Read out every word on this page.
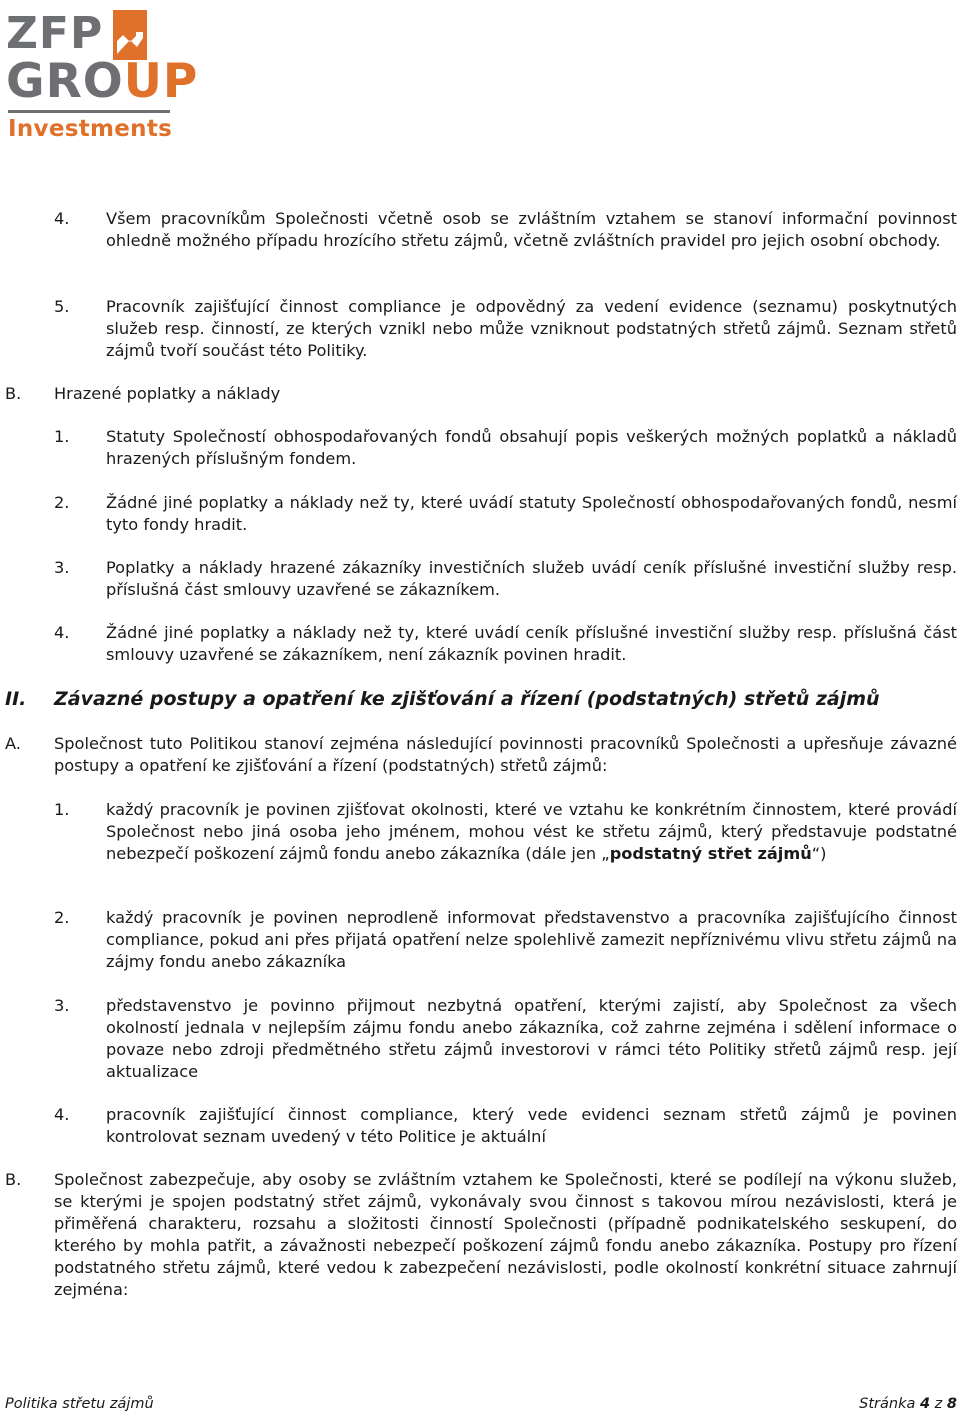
ZFP
GROUP
Investments
4. Všem pracovníkům Společnosti včetně osob se zvláštním vztahem se stanoví informační povinnost ohledně možného případu hrozícího střetu zájmů, včetně zvláštních pravidel pro jejich osobní obchody.
5. Pracovník zajišťující činnost compliance je odpovědný za vedení evidence (seznamu) poskytnutých služeb resp. činností, ze kterých vznikl nebo může vzniknout podstatných střetů zájmů. Seznam střetů zájmů tvoří součást této Politiky.
B. Hrazené poplatky a náklady
1. Statuty Společností obhospodařovaných fondů obsahují popis veškerých možných poplatků a nákladů hrazených příslušným fondem.
2. Žádné jiné poplatky a náklady než ty, které uvádí statuty Společností obhospodařovaných fondů, nesmí tyto fondy hradit.
3. Poplatky a náklady hrazené zákazníky investičních služeb uvádí ceník příslušné investiční služby resp. příslušná část smlouvy uzavřené se zákazníkem.
4. Žádné jiné poplatky a náklady než ty, které uvádí ceník příslušné investiční služby resp. příslušná část smlouvy uzavřené se zákazníkem, není zákazník povinen hradit.
II. Závazné postupy a opatření ke zjišťování a řízení (podstatných) střetů zájmů
A. Společnost tuto Politikou stanoví zejména následující povinnosti pracovníků Společnosti a upřesňuje závazné postupy a opatření ke zjišťování a řízení (podstatných) střetů zájmů:
1. každý pracovník je povinen zjišťovat okolnosti, které ve vztahu ke konkrétním činnostem, které provádí Společnost nebo jiná osoba jeho jménem, mohou vést ke střetu zájmů, který představuje podstatné nebezpečí poškození zájmů fondu anebo zákazníka (dále jen „podstatný střet zájmů“)
2. každý pracovník je povinen neprodleně informovat představenstvo a pracovníka zajišťujícího činnost compliance, pokud ani přes přijatá opatření nelze spolehlivě zamezit nepříznivému vlivu střetu zájmů na zájmy fondu anebo zákazníka
3. představenstvo je povinno přijmout nezbytná opatření, kterými zajistí, aby Společnost za všech okolností jednala v nejlepším zájmu fondu anebo zákazníka, což zahrne zejména i sdělení informace o povaze nebo zdroji předmětného střetu zájmů investorovi v rámci této Politiky střetů zájmů resp. její aktualizace
4. pracovník zajišťující činnost compliance, který vede evidenci seznam střetů zájmů je povinen kontrolovat seznam uvedený v této Politice je aktuální
B. Společnost zabezpečuje, aby osoby se zvláštním vztahem ke Společnosti, které se podílejí na výkonu služeb, se kterými je spojen podstatný střet zájmů, vykonávaly svou činnost s takovou mírou nezávislosti, která je přiměřená charakteru, rozsahu a složitosti činností Společnosti (případně podnikatelského seskupení, do kterého by mohla patřit, a závažnosti nebezpečí poškození zájmů fondu anebo zákazníka. Postupy pro řízení podstatného střetu zájmů, které vedou k zabezpečení nezávislosti, podle okolností konkrétní situace zahrnují zejména:
Politika střetu zájmů	Stránka 4 z 8
